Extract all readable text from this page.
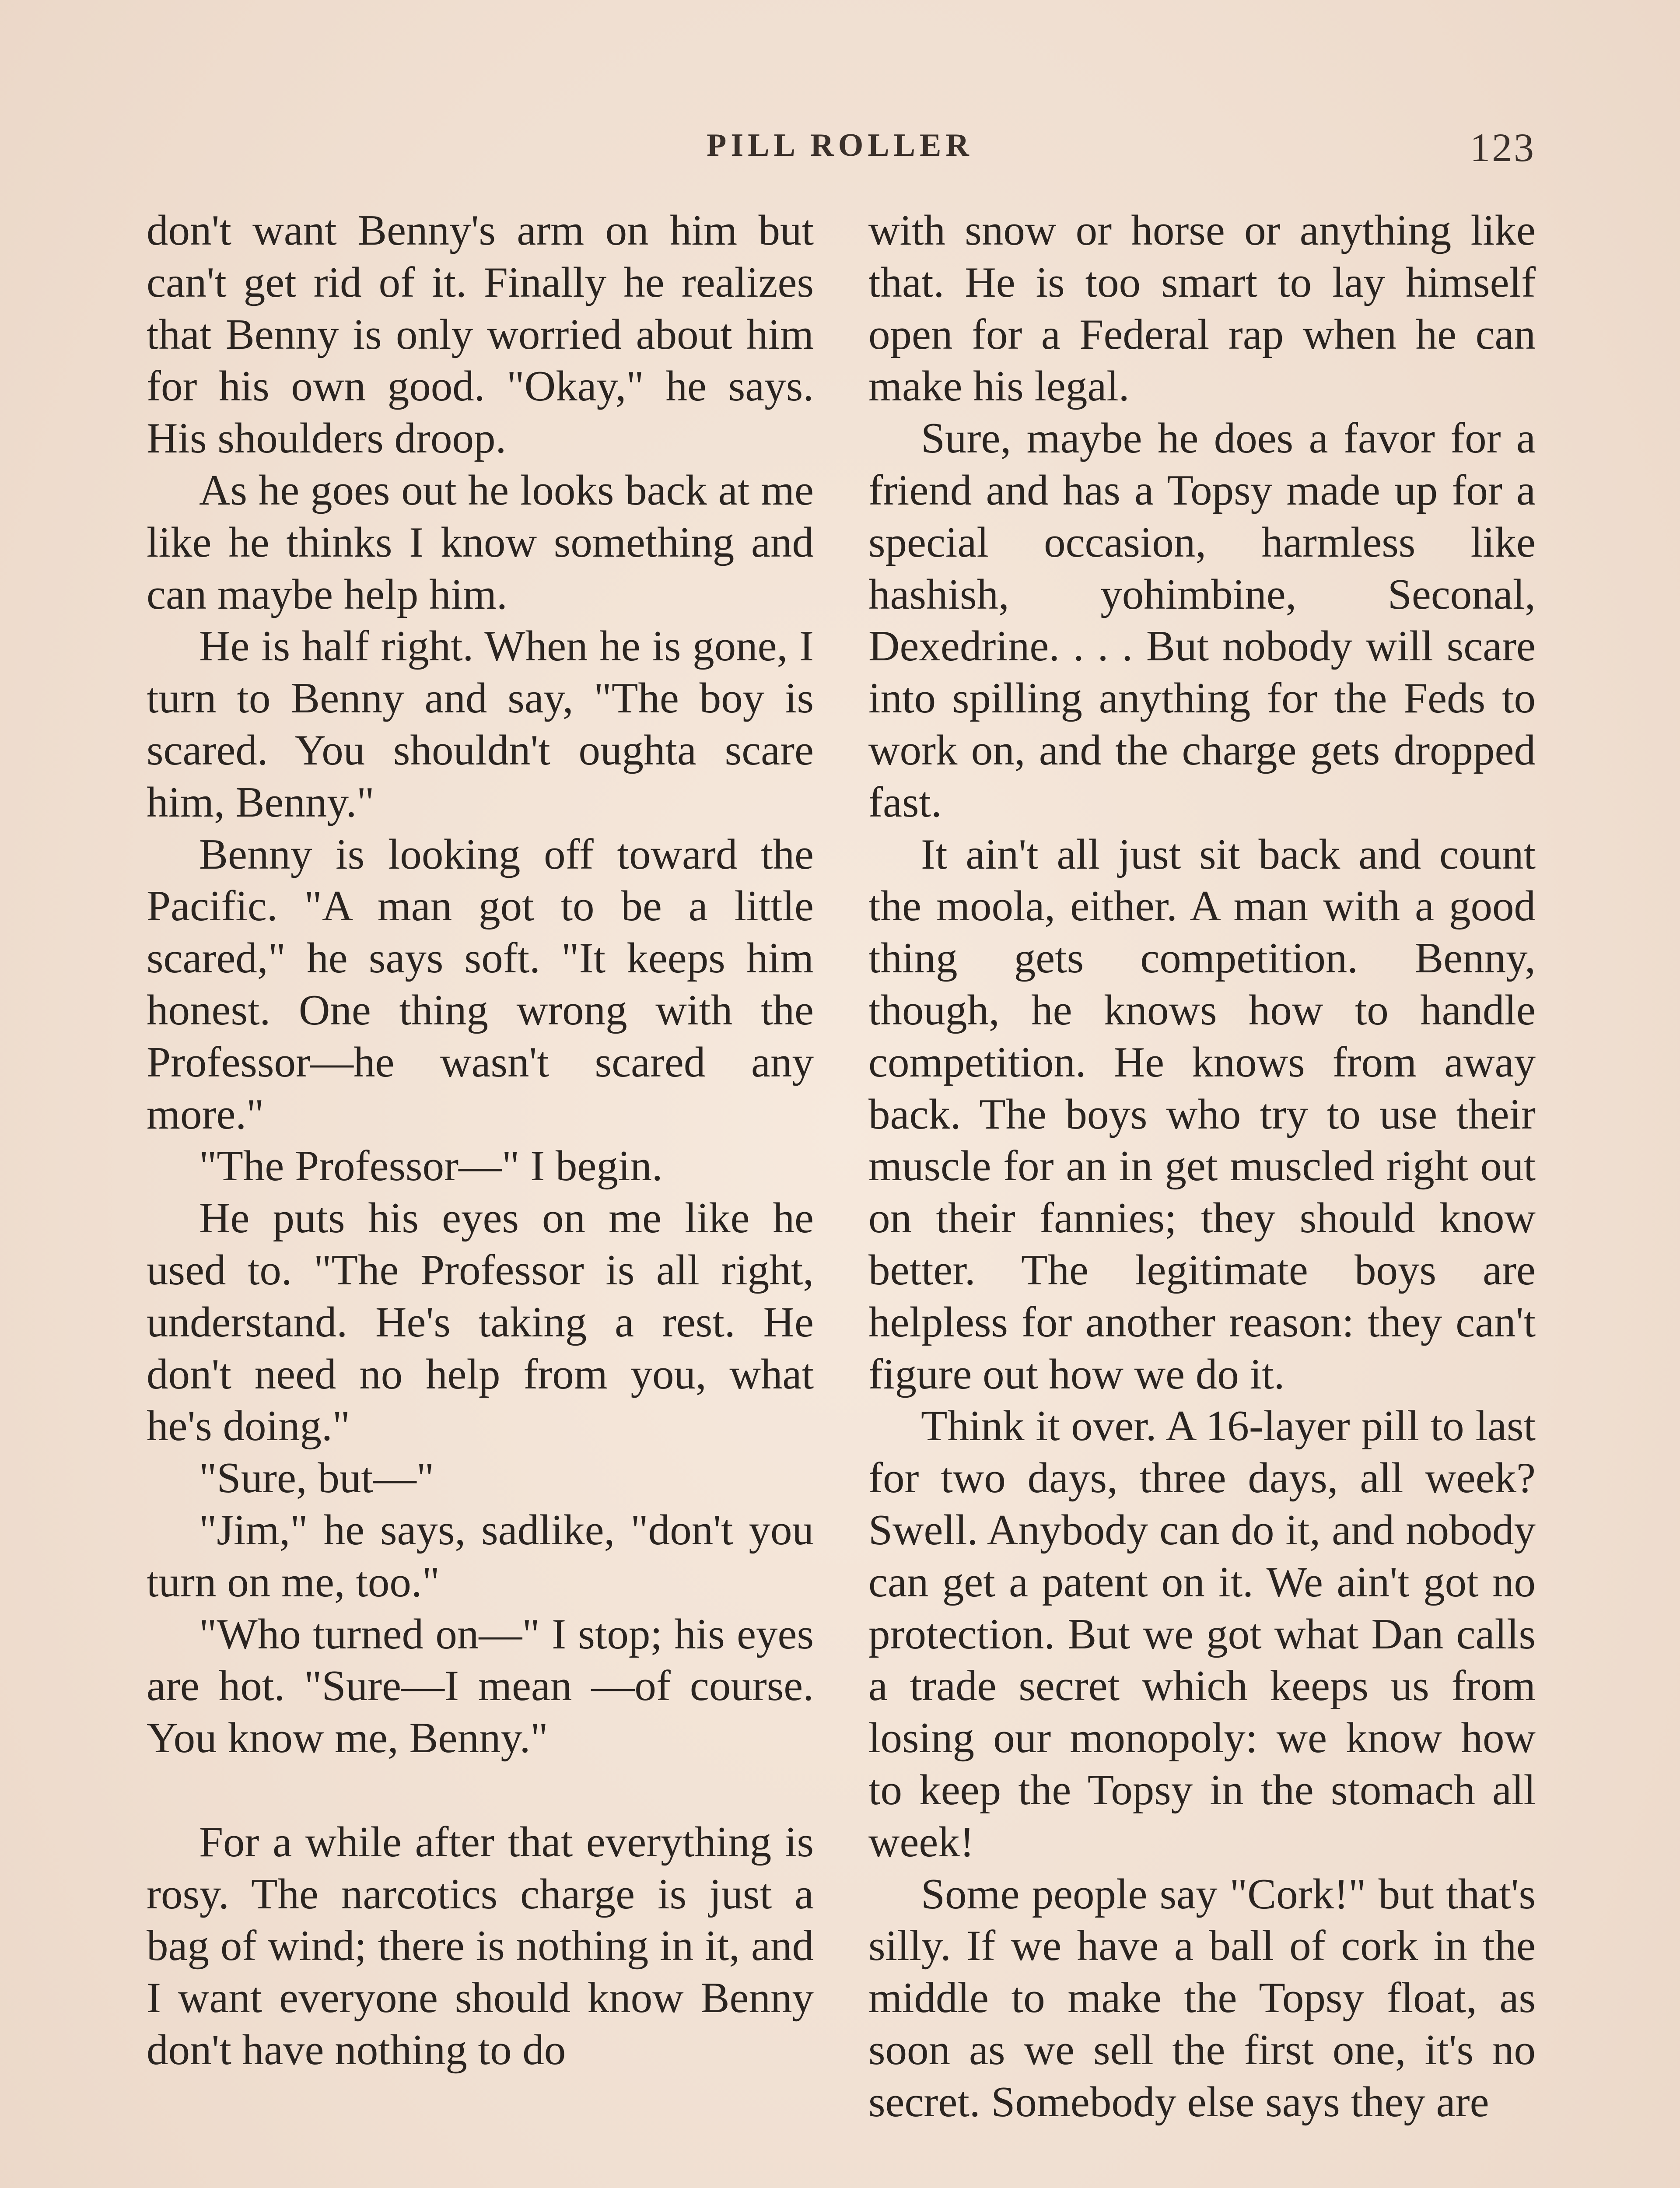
PILL ROLLER	123

don't want Benny's arm on him but can't get rid of it. Finally he realizes that Benny is only worried about him for his own good. "Okay," he says. His shoulders droop.

As he goes out he looks back at me like he thinks I know something and can maybe help him.

He is half right. When he is gone, I turn to Benny and say, "The boy is scared. You shouldn't oughta scare him, Benny."

Benny is looking off toward the Pacific. "A man got to be a little scared," he says soft. "It keeps him honest. One thing wrong with the Professor—he wasn't scared any more."

"The Professor—" I begin.

He puts his eyes on me like he used to. "The Professor is all right, understand. He's taking a rest. He don't need no help from you, what he's doing."

"Sure, but—"

"Jim," he says, sadlike, "don't you turn on me, too."

"Who turned on—" I stop; his eyes are hot. "Sure—I mean —of course. You know me, Benny."

For a while after that everything is rosy. The narcotics charge is just a bag of wind; there is nothing in it, and I want everyone should know Benny don't have nothing to do

with snow or horse or anything like that. He is too smart to lay himself open for a Federal rap when he can make his legal.

Sure, maybe he does a favor for a friend and has a Topsy made up for a special occasion, harmless like hashish, yohimbine, Seconal, Dexedrine. . . . But nobody will scare into spilling anything for the Feds to work on, and the charge gets dropped fast.

It ain't all just sit back and count the moola, either. A man with a good thing gets competition. Benny, though, he knows how to handle competition. He knows from away back. The boys who try to use their muscle for an in get muscled right out on their fannies; they should know better. The legitimate boys are helpless for another reason: they can't figure out how we do it.

Think it over. A 16-layer pill to last for two days, three days, all week? Swell. Anybody can do it, and nobody can get a patent on it. We ain't got no protection. But we got what Dan calls a trade secret which keeps us from losing our monopoly: we know how to keep the Topsy in the stomach all week!

Some people say "Cork!" but that's silly. If we have a ball of cork in the middle to make the Topsy float, as soon as we sell the first one, it's no secret. Somebody else says they are
